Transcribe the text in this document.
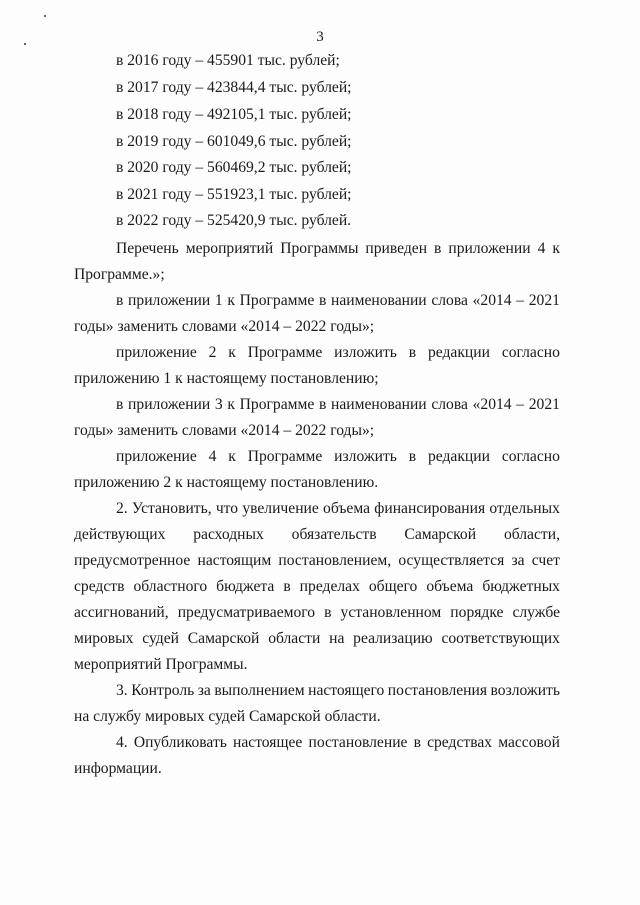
3
в 2016 году – 455901 тыс. рублей;
в 2017 году – 423844,4 тыс. рублей;
в 2018 году – 492105,1 тыс. рублей;
в 2019 году – 601049,6 тыс. рублей;
в 2020 году – 560469,2 тыс. рублей;
в 2021 году – 551923,1 тыс. рублей;
в 2022 году – 525420,9 тыс. рублей.
Перечень мероприятий Программы приведен в приложении 4 к
Программе.»;
в приложении 1 к Программе в наименовании слова «2014 – 2021
годы» заменить словами «2014 – 2022 годы»;
приложение 2 к Программе изложить в редакции согласно
приложению 1 к настоящему постановлению;
в приложении 3 к Программе в наименовании слова «2014 – 2021
годы» заменить словами «2014 – 2022 годы»;
приложение 4 к Программе изложить в редакции согласно
приложению 2 к настоящему постановлению.
2. Установить, что увеличение объема финансирования отдельных
действующих расходных обязательств Самарской области,
предусмотренное настоящим постановлением, осуществляется за счет
средств областного бюджета в пределах общего объема бюджетных
ассигнований, предусматриваемого в установленном порядке службе
мировых судей Самарской области на реализацию соответствующих
мероприятий Программы.
3. Контроль за выполнением настоящего постановления возложить
на службу мировых судей Самарской области.
4. Опубликовать настоящее постановление в средствах массовой
информации.
